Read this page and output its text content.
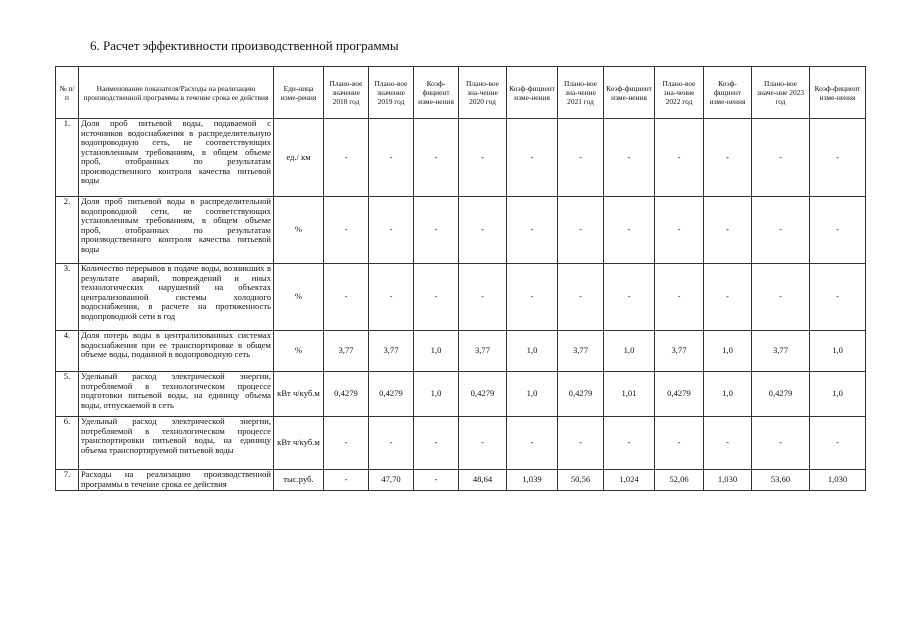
6. Расчет эффективности производственной программы
№ п/п	Наименование показателя/Расходы на реализацию производственной программы в течение срока ее действия	Еди-ница изме-рения	Плано-вое значение 2018 год	Плано-вое значение 2019 год	Коэф-фициент изме-нения	Плано-вое зна-чение 2020 год	Коэф-фициент изме-нения	Плано-вое зна-чение 2021 год	Коэф-фициент изме-нения	Плано-вое зна-чение 2022 год	Коэф-фициент изме-нения	Плано-вое значе-ние 2023 год	Коэф-фициент изме-нения
1.	Доля проб питьевой воды, подаваемой с источников водоснабжения в распределительную водопроводную сеть, не соответствующих установленным требованиям, в общем объеме проб, отобранных по результатам производственного контроля качества питьевой воды	ед./ км	-	-	-	-	-	-	-	-	-	-	-
2.	Доля проб питьевой воды в распределительной водопроводной сети, не соответствующих установленным требованиям, в общем объеме проб, отобранных по результатам производственного контроля качества питьевой воды	%	-	-	-	-	-	-	-	-	-	-	-
3.	Количество перерывов в подаче воды, возникших в результате аварий, повреждений и иных технологических нарушений на объектах централизованной системы холодного водоснабжения, в расчете на протяженность водопроводной сети в год	%	-	-	-	-	-	-	-	-	-	-	-
4.	Доля потерь воды в централизованных системах водоснабжения при ее транспортировке в общем объеме воды, поданной в водопроводную сеть	%	3,77	3,77	1,0	3,77	1,0	3,77	1,0	3,77	1,0	3,77	1,0
5.	Удельный расход электрической энергии, потребляемой в технологическом процессе подготовки питьевой воды, на единицу объема воды, отпускаемой в сеть	кВт ч/куб.м	0,4279	0,4279	1,0	0,4279	1,0	0,4279	1,01	0,4279	1,0	0,4279	1,0
6.	Удельный расход электрической энергии, потребляемой в технологическом процессе транспортировки питьевой воды, на единицу объема транспортируемой питьевой воды	кВт ч/куб.м	-	-	-	-	-	-	-	-	-	-	-
7.	Расходы на реализацию производственной программы в течение срока ее действия	тыс.руб.	-	47,70	-	48,64	1,039	50,56	1,024	52,06	1,030	53,60	1,030
